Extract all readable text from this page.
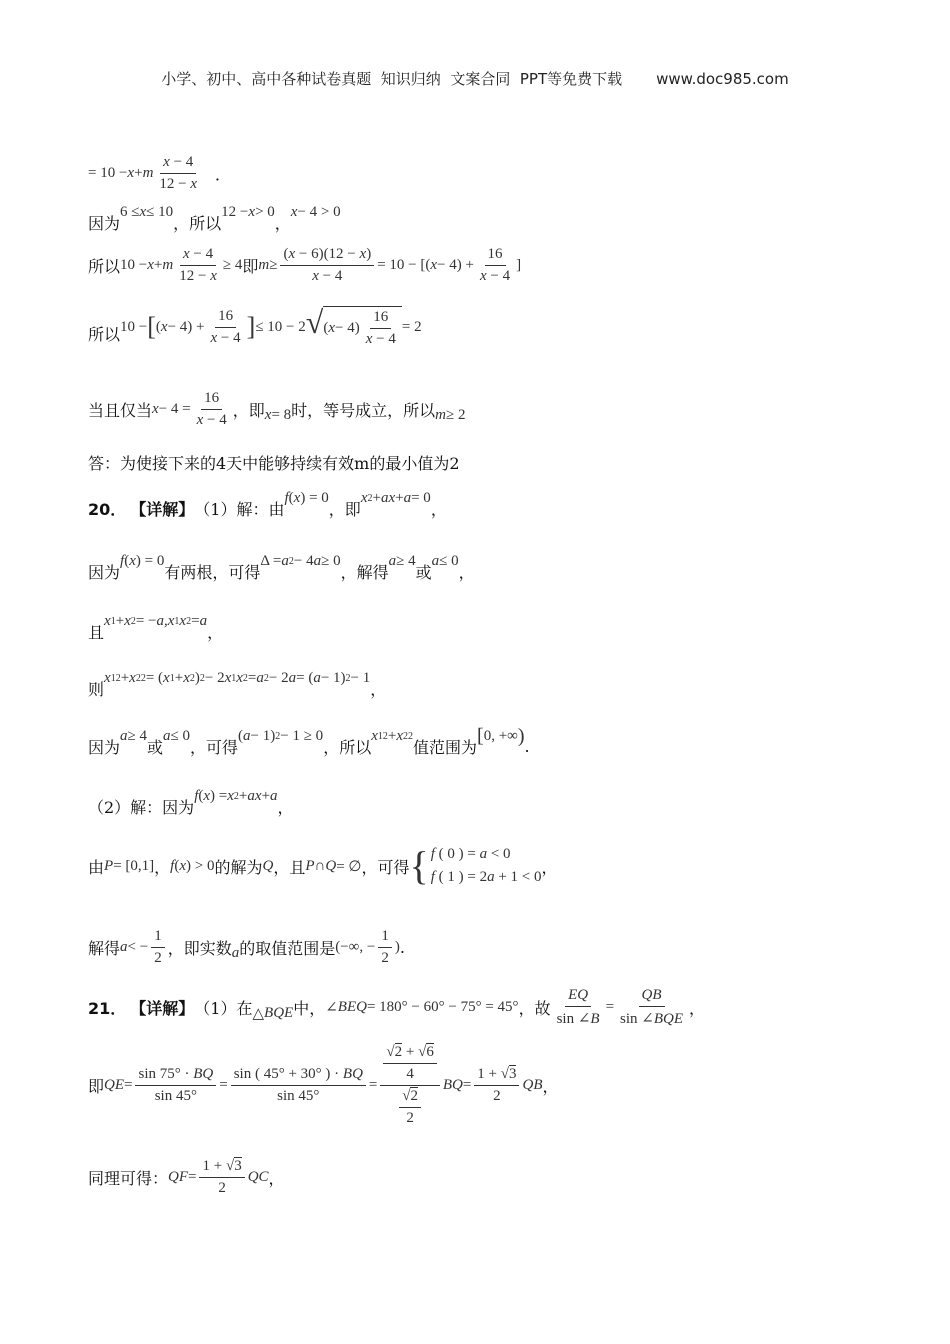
小学、初中、高中各种试卷真题  知识归纳  文案合同  PPT等免费下载 www.doc985.com
= 10 − x + m $\frac{x - 4}{12 - x}$ ．
因为
6 ≤ x ≤ 10
，所以
12 − x > 0
，
x − 4 > 0
所以 10 − x + m $\frac{x - 4}{12 - x} \ge 4$ 即 $m \ge \frac{(x - 6)(12 - x)}{x - 4} = 10$ − [( $x - 4) + \frac{16}{x - 4}$ ]
所以 10 − [ ( $x - 4) + \frac{16}{x - 4}$ ] ≤ 10 − 2 √ ( $x - 4) \frac{16}{x - 4} = 2$
当且仅当 $x - 4 = \frac{16}{x - 4}$ ，即 x = 8 时，等号成立，所以 m ≥ 2
答：为使接下来的4天中能够持续有效m的最小值为2
20． 【详解】 （1）解：由
f ( x ) = 0
，即
x 2 + ax + a = 0
，
因为
f ( x ) = 0
有两根，可得
Δ = a 2 − 4 a ≥ 0
，解得
a ≥ 4
或
a ≤ 0
，
且
x 1 + x 2 = − a , x 1 x 2 = a
，
则
x 1 2 + x 2 2 = ( x 1 + x 2 ) 2 − 2 x 1 x 2 = a 2 − 2 a = ( a − 1) 2 − 1
，
因为
a ≥ 4
或
a ≤ 0
，可得
( a − 1) 2 − 1 ≥ 0
，所以
x 1 2 + x 2 2
值范围为
[ 0, +∞ ) .
（2）解：因为
f ( x ) = x 2 + ax + a
，
由 P = [0,1] ， f ( x ) > 0 的解为 Q ，且 P ∩ Q = ∅ ，可得 { f ( 0 ) = a < 0
f ( 1 ) = 2a + 1 < 0
，
解得 a < − $\frac{1}{2}$ ，即实数 a 的取值范围是 (−∞, − $\frac{1}{2}$ ) .
21． 【详解】 （1）在 △ BQE 中， ∠ BEQ = 180° − 60° − 75° = 45° ，故 $\frac{EQ}{\sin \angle B} = \frac{QB}{\text{sin ∠BQE}}$ ，
即 QE = $\frac{\sin 75^\circ \cdot BQ}{\sin 45^\circ} = \frac{\sin ( 45^\circ + 30^\circ ) \cdot BQ}{\sin 45^\circ} = \frac{\frac{√2 + √6}{4}}{\frac{√2}{2}}$ BQ = $\frac{1 + √3}{2}$ QB ，
同理可得： QF = $\frac{1 + √3}{2}$ QC ，
